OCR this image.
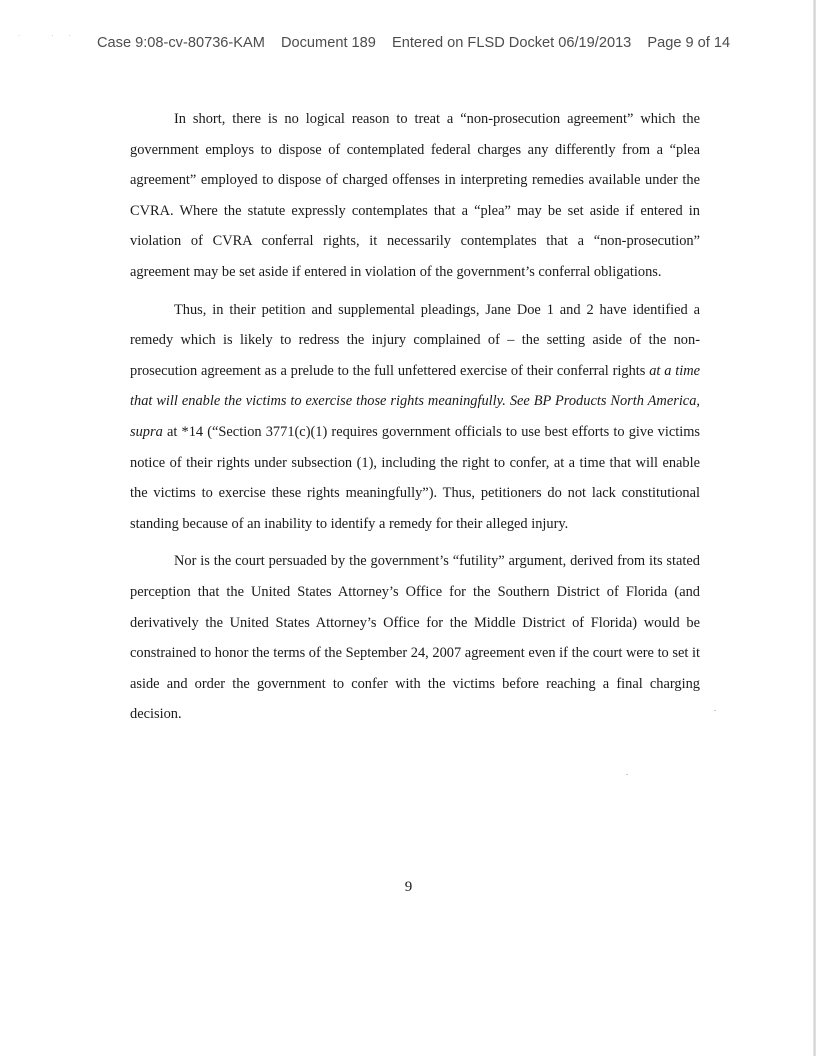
˙ ˙˙ Case 9:08-cv-80736-KAM Document 189 Entered on FLSD Docket 06/19/2013 Page 9 of 14

In short, there is no logical reason to treat a “non-prosecution agreement” which the government employs to dispose of contemplated federal charges any differently from a “plea agreement” employed to dispose of charged offenses in interpreting remedies available under the CVRA. Where the statute expressly contemplates that a “plea” may be set aside if entered in violation of CVRA conferral rights, it necessarily contemplates that a “non-prosecution” agreement may be set aside if entered in violation of the government’s conferral obligations.

Thus, in their petition and supplemental pleadings, Jane Doe 1 and 2 have identified a remedy which is likely to redress the injury complained of – the setting aside of the non-prosecution agreement as a prelude to the full unfettered exercise of their conferral rights at a time that will enable the victims to exercise those rights meaningfully. See BP Products North America, supra at *14 (“Section 3771(c)(1) requires government officials to use best efforts to give victims notice of their rights under subsection (1), including the right to confer, at a time that will enable the victims to exercise these rights meaningfully”). Thus, petitioners do not lack constitutional standing because of an inability to identify a remedy for their alleged injury.

Nor is the court persuaded by the government’s “futility” argument, derived from its stated perception that the United States Attorney’s Office for the Southern District of Florida (and derivatively the United States Attorney’s Office for the Middle District of Florida) would be constrained to honor the terms of the September 24, 2007 agreement even if the court were to set it aside and order the government to confer with the victims before reaching a final charging decision.

9
